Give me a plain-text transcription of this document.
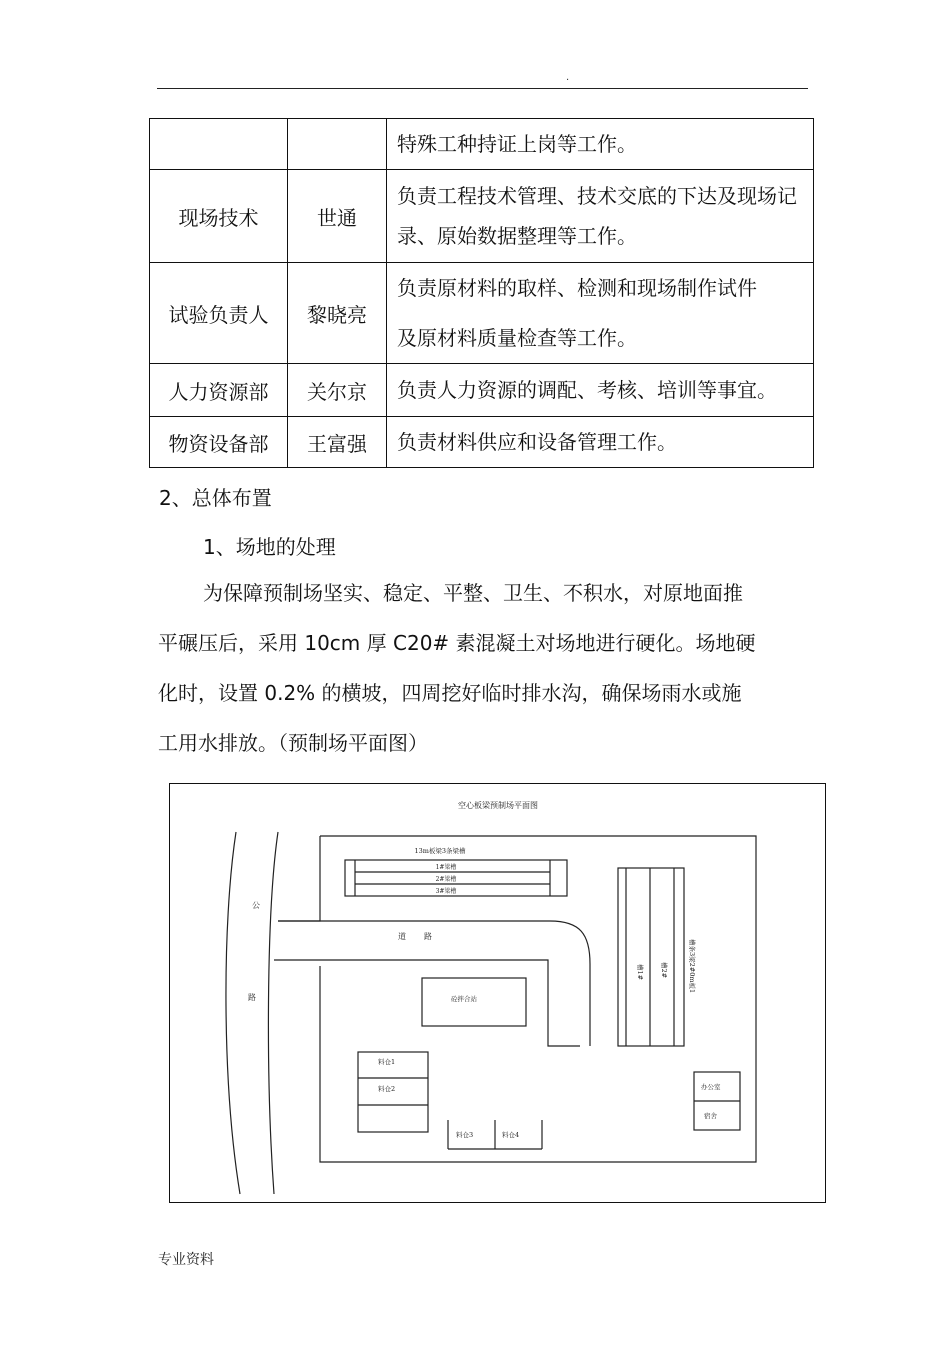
.
		特殊工种持证上岗等工作。
现场技术	世通	负责工程技术管理、技术交底的下达及现场记录、原始数据整理等工作。
试验负责人	黎晓亮	负责原材料的取样、检测和现场制作试件
及原材料质量检查等工作。

人力资源部	关尔京	负责人力资源的调配、考核、培训等事宜。
物资设备部	王富强	负责材料供应和设备管理工作。
2、总体布置
1、场地的处理
为保障预制场坚实、稳定、平整、卫生、不积水，对原地面推
平碾压后，采用 10cm 厚 C20# 素混凝土对场地进行硬化。场地硬
化时，设置 0.2% 的横坡，四周挖好临时排水沟，确保场雨水或施
工用水排放。（预制场平面图）
空心板梁预制场平面图
13m板梁3条梁槽
1#梁槽
2#梁槽
3#梁槽
公
路
道 路
砼拌合站
料仓1
料仓2
料仓3	料仓4
槽1# 槽2#	槽条3梁2#0m板1
办公室
宿舍
专业资料
